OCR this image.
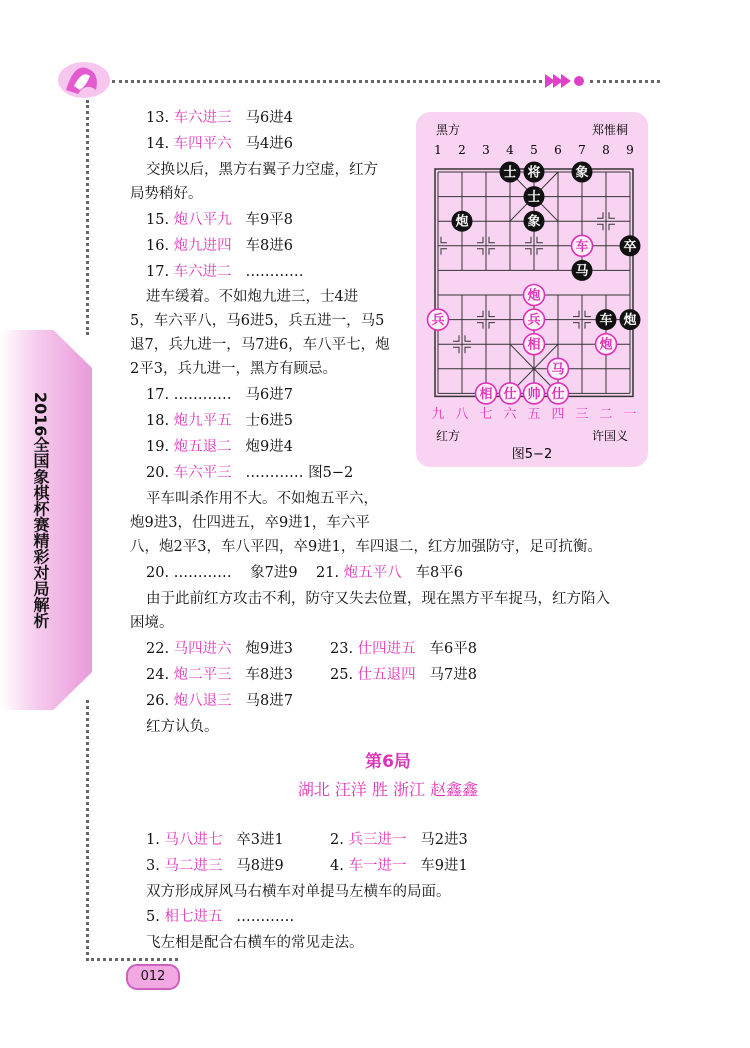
2016全国象棋杯赛精彩对局解析
012
13. 车六进三 马6进4
14. 车四平六 马4进6
交换以后，黑方右翼子力空虚，红方
局势稍好。
15. 炮八平九 车9平8
16. 炮九进四 车8进6
17. 车六进二 …………
进车缓着。不如炮九进三，士4进
5，车六平八，马6进5，兵五进一，马5
退7，兵九进一，马7进6，车八平七，炮
2平3，兵九进一，黑方有顾忌。
17. ………… 马6进7
18. 炮九平五 士6进5
19. 炮五退二 炮9进4
20. 车六平三 ………… 图5−2
平车叫杀作用不大。不如炮五平六，
炮9进3，仕四进五，卒9进1，车六平
八，炮2平3，车八平四，卒9进1，车四退二，红方加强防守，足可抗衡。
20. ………… 象7进9 21. 炮五平八 车8平6
由于此前红方攻击不利，防守又失去位置，现在黑方平车捉马，红方陷入
困境。
22. 马四进六 炮9进3	23. 仕四进五 车6平8
24. 炮二平三 车8进3	25. 仕五退四 马7进8
26. 炮八退三 马8进7
红方认负。
第6局
湖北 汪洋 胜 浙江 赵鑫鑫
1. 马八进七 卒3进1	2. 兵三进一 马2进3
3. 马二进三 马8进9	4. 车一进一 车9进1
双方形成屏风马右横车对单提马左横车的局面。
5. 相七进五 …………
飞左相是配合右横车的常见走法。
黑方	郑惟桐
1 2 3 4 5 6 7 8 9
士 将	象
士
炮	象
卒
马
车 炮
车
炮
兵	兵
相	炮
马
相 仕 帅 仕
九 八 七 六 五 四 三 二 一
红方	许国义
图5−2
